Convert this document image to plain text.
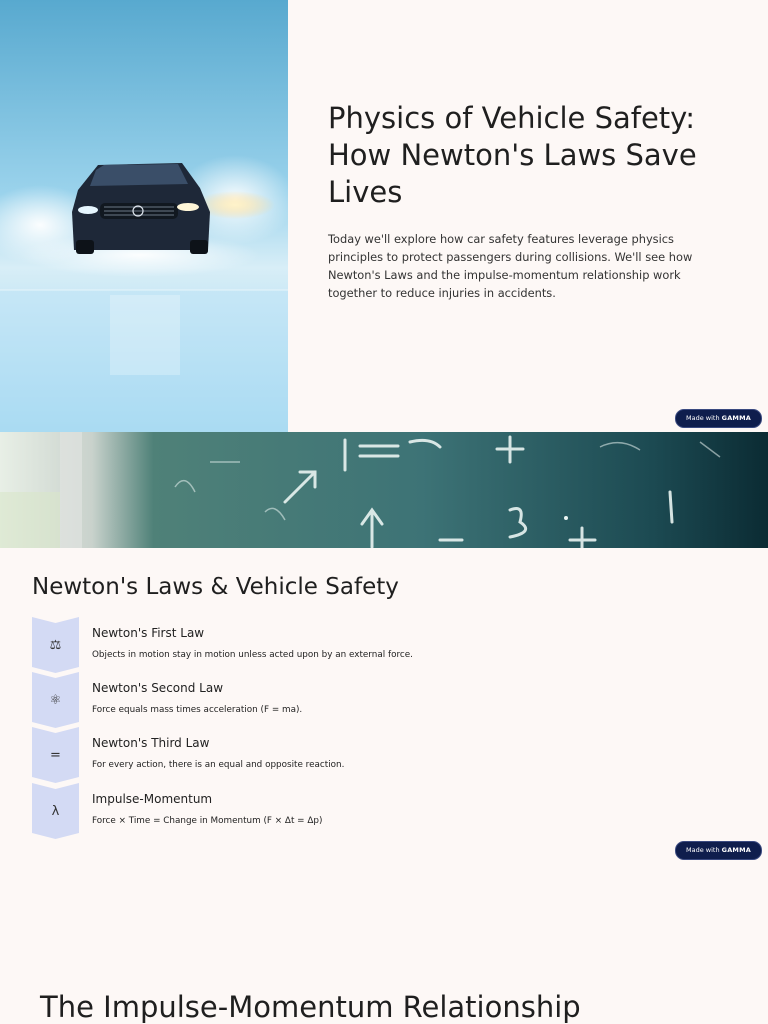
Physics of Vehicle Safety: How Newton's Laws Save Lives

Today we'll explore how car safety features leverage physics principles to protect passengers during collisions. We'll see how Newton's Laws and the impulse-momentum relationship work together to reduce injuries in accidents.

Made with GAMMA
Newton's Laws & Vehicle Safety
⚖

Newton's First Law

Objects in motion stay in motion unless acted upon by an external force.

⚛

Newton's Second Law

Force equals mass times acceleration (F = ma).

=

Newton's Third Law

For every action, there is an equal and opposite reaction.

λ

Impulse-Momentum

Force × Time = Change in Momentum (F × Δt = Δp)

Made with GAMMA
The Impulse-Momentum Relationship
